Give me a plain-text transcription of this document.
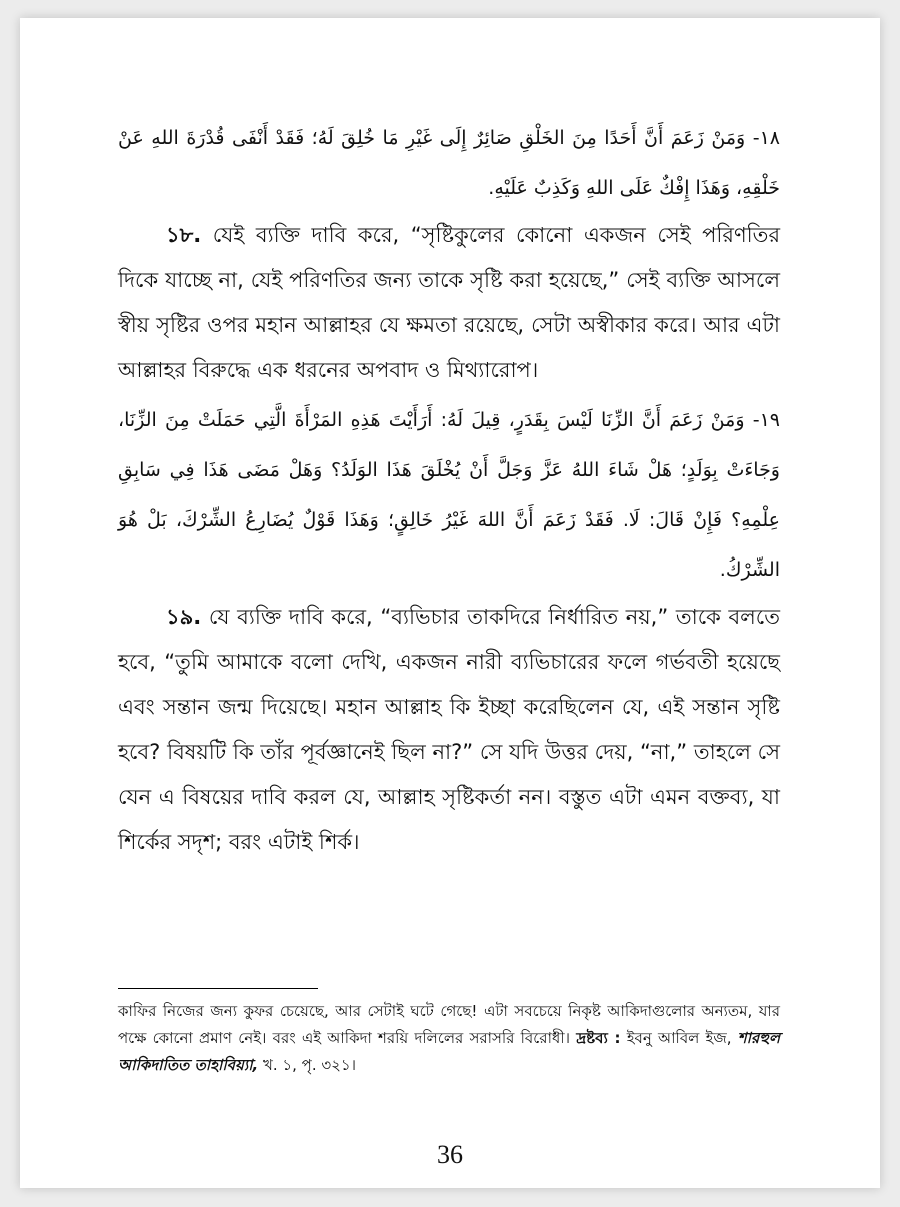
١٨- وَمَنْ زَعَمَ أَنَّ أَحَدًا مِنَ الخَلْقِ صَائِرٌ إِلَى غَيْرِ مَا خُلِقَ لَهُ؛ فَقَدْ أَنْفَى قُدْرَةَ اللهِ عَنْ خَلْقِهِ، وَهَذَا إِفْكٌ عَلَى اللهِ وَكَذِبٌ عَلَيْهِ.

১৮. যেই ব্যক্তি দাবি করে, “সৃষ্টিকুলের কোনো একজন সেই পরিণতির দিকে যাচ্ছে না, যেই পরিণতির জন্য তাকে সৃষ্টি করা হয়েছে,” সেই ব্যক্তি আসলে স্বীয় সৃষ্টির ওপর মহান আল্লাহর যে ক্ষমতা রয়েছে, সেটা অস্বীকার করে। আর এটা আল্লাহর বিরুদ্ধে এক ধরনের অপবাদ ও মিথ্যারোপ।

١٩- وَمَنْ زَعَمَ أَنَّ الزِّنَا لَيْسَ بِقَدَرٍ، قِيلَ لَهُ: أَرَأَيْتَ هَذِهِ المَرْأَةَ الَّتِي حَمَلَتْ مِنَ الزِّنَا، وَجَاءَتْ بِوَلَدٍ؛ هَلْ شَاءَ اللهُ عَزَّ وَجَلَّ أَنْ يُخْلَقَ هَذَا الوَلَدُ؟ وَهَلْ مَضَى هَذَا فِي سَابِقِ عِلْمِهِ؟ فَإِنْ قَالَ: لَا. فَقَدْ زَعَمَ أَنَّ اللهَ غَيْرُ خَالِقٍ؛ وَهَذَا قَوْلٌ يُضَارِعُ الشِّرْكَ، بَلْ هُوَ الشِّرْكُ.

১৯. যে ব্যক্তি দাবি করে, “ব্যভিচার তাকদিরে নির্ধারিত নয়,” তাকে বলতে হবে, “তুমি আমাকে বলো দেখি, একজন নারী ব্যভিচারের ফলে গর্ভবতী হয়েছে এবং সন্তান জন্ম দিয়েছে। মহান আল্লাহ কি ইচ্ছা করেছিলেন যে, এই সন্তান সৃষ্টি হবে? বিষয়টি কি তাঁর পূর্বজ্ঞানেই ছিল না?” সে যদি উত্তর দেয়, “না,” তাহলে সে যেন এ বিষয়ের দাবি করল যে, আল্লাহ সৃষ্টিকর্তা নন। বস্তুত এটা এমন বক্তব্য, যা শির্কের সদৃশ; বরং এটাই শির্ক।

কাফির নিজের জন্য কুফর চেয়েছে, আর সেটাই ঘটে গেছে! এটা সবচেয়ে নিকৃষ্ট আকিদাগুলোর অন্যতম, যার পক্ষে কোনো প্রমাণ নেই। বরং এই আকিদা শরয়ি দলিলের সরাসরি বিরোধী। দ্রষ্টব্য : ইবনু আবিল ইজ, শারহুল আকিদাতিত তাহাবিয়্যা, খ. ১, পৃ. ৩২১।

36
